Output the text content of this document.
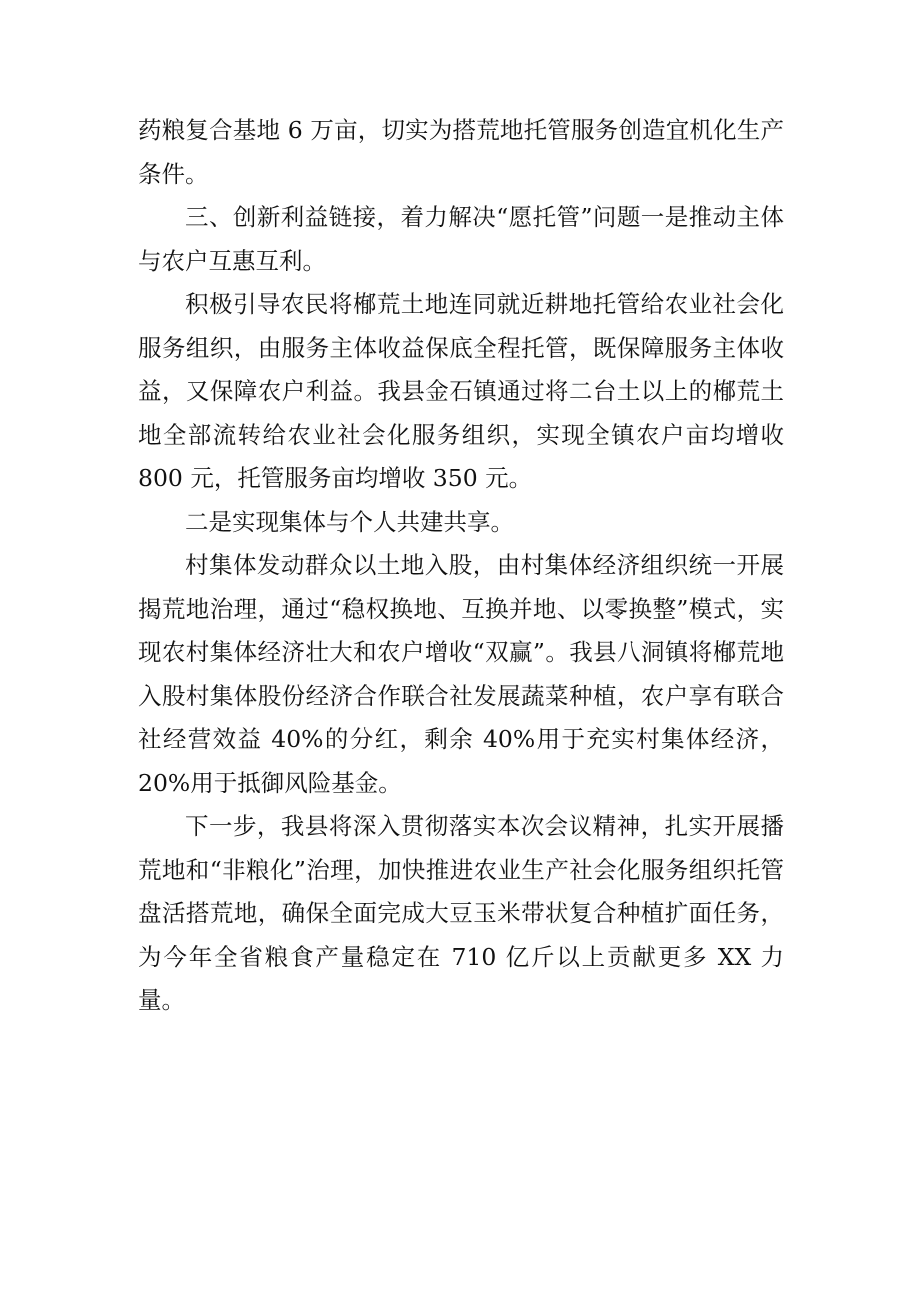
药粮复合基地 6 万亩，切实为搭荒地托管服务创造宜机化生产条件。

三、创新利益链接，着力解决“愿托管”问题一是推动主体与农户互惠互利。

积极引导农民将㮋荒土地连同就近耕地托管给农业社会化服务组织，由服务主体收益保底全程托管，既保障服务主体收益，又保障农户利益。我县金石镇通过将二台土以上的㮋荒土地全部流转给农业社会化服务组织，实现全镇农户亩均增收 800 元，托管服务亩均增收 350 元。

二是实现集体与个人共建共享。

村集体发动群众以土地入股，由村集体经济组织统一开展揭荒地治理，通过“稳权换地、互换并地、以零换整”模式，实现农村集体经济壮大和农户增收“双赢”。我县八洞镇将㮋荒地入股村集体股份经济合作联合社发展蔬菜种植，农户享有联合社经营效益 40%的分红，剩余 40%用于充实村集体经济，20%用于抵御风险基金。

下一步，我县将深入贯彻落实本次会议精神，扎实开展播荒地和“非粮化”治理，加快推进农业生产社会化服务组织托管盘活搭荒地，确保全面完成大豆玉米带状复合种植扩面任务，为今年全省粮食产量稳定在 710 亿斤以上贡献更多 XX 力量。
